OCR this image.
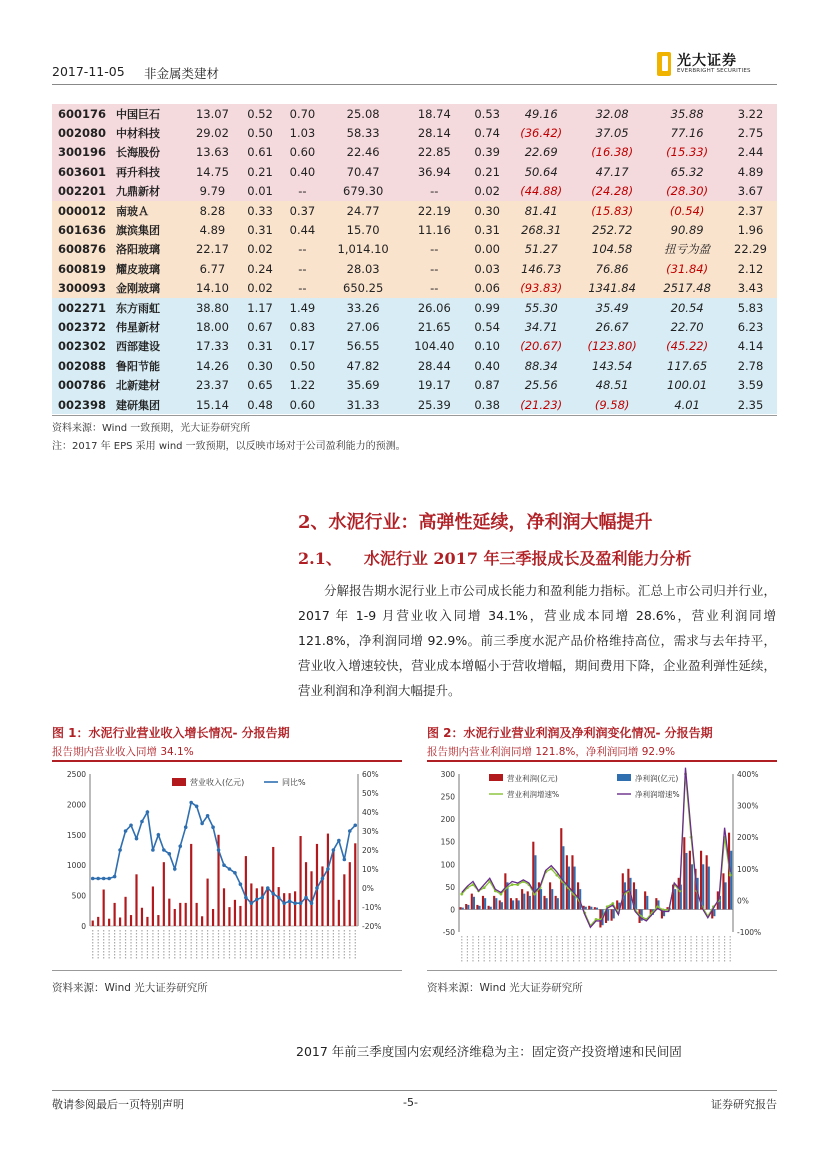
2017-11-05 非金属类建材
光大证券
EVERBRIGHT SECURITIES
600176	中国巨石	13.07	0.52	0.70	25.08	18.74	0.53	49.16	32.08	35.88	3.22
002080	中材科技	29.02	0.50	1.03	58.33	28.14	0.74	(36.42)	37.05	77.16	2.75
300196	长海股份	13.63	0.61	0.60	22.46	22.85	0.39	22.69	(16.38)	(15.33)	2.44
603601	再升科技	14.75	0.21	0.40	70.47	36.94	0.21	50.64	47.17	65.32	4.89
002201	九鼎新材	9.79	0.01	--	679.30	--	0.02	(44.88)	(24.28)	(28.30)	3.67
000012	南玻Ａ	8.28	0.33	0.37	24.77	22.19	0.30	81.41	(15.83)	(0.54)	2.37
601636	旗滨集团	4.89	0.31	0.44	15.70	11.16	0.31	268.31	252.72	90.89	1.96
600876	洛阳玻璃	22.17	0.02	--	1,014.10	--	0.00	51.27	104.58	扭亏为盈	22.29
600819	耀皮玻璃	6.77	0.24	--	28.03	--	0.03	146.73	76.86	(31.84)	2.12
300093	金刚玻璃	14.10	0.02	--	650.25	--	0.06	(93.83)	1341.84	2517.48	3.43
002271	东方雨虹	38.80	1.17	1.49	33.26	26.06	0.99	55.30	35.49	20.54	5.83
002372	伟星新材	18.00	0.67	0.83	27.06	21.65	0.54	34.71	26.67	22.70	6.23
002302	西部建设	17.33	0.31	0.17	56.55	104.40	0.10	(20.67)	(123.80)	(45.22)	4.14
002088	鲁阳节能	14.26	0.30	0.50	47.82	28.44	0.40	88.34	143.54	117.65	2.78
000786	北新建材	23.37	0.65	1.22	35.69	19.17	0.87	25.56	48.51	100.01	3.59
002398	建研集团	15.14	0.48	0.60	31.33	25.39	0.38	(21.23)	(9.58)	4.01	2.35
资料来源：Wind 一致预期，光大证券研究所
注：2017 年 EPS 采用 wind 一致预期，以反映市场对于公司盈利能力的预测。
2、水泥行业：高弹性延续，净利润大幅提升
2.1、 水泥行业 2017 年三季报成长及盈利能力分析
分解报告期水泥行业上市公司成长能力和盈利能力指标。汇总上市公司归并行业，2017 年 1-9 月营业收入同增 34.1%，营业成本同增 28.6%，营业利润同增 121.8%，净利润同增 92.9%。前三季度水泥产品价格维持高位，需求与去年持平，营业收入增速较快，营业成本增幅小于营收增幅，期间费用下降，企业盈利弹性延续，营业利润和净利润大幅提升。
图 1：水泥行业营业收入增长情况- 分报告期
报告期内营业收入同增 34.1%
2500
2000
1500
1000
500
0
60%
50%
40%
30%
20%
10%
0%
-10%
-20%
营业收入(亿元)	同比%
资料来源：Wind 光大证券研究所
图 2：水泥行业营业利润及净利润变化情况- 分报告期
报告期内营业利润同增 121.8%，净利润同增 92.9%
300
250
200
150
100
50
0
-50
400%
300%
200%
100%
0%
-100%
营业利润(亿元)	净利润(亿元)
营业利润增速%	净利润增速%
资料来源：Wind 光大证券研究所
2017 年前三季度国内宏观经济维稳为主：固定资产投资增速和民间固
敬请参阅最后一页特别声明	-5-	证券研究报告
